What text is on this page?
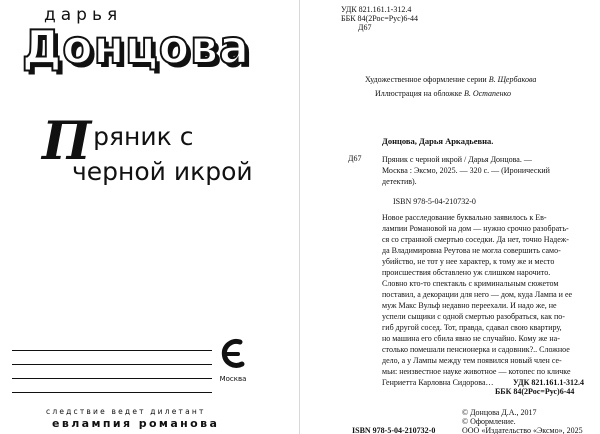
дарья
Донцова
Пряник с
черной икрой
Москва
следствие ведет дилетант
евлампия романова
УДК 821.161.1-312.4
ББК 84(2Рос=Рус)6-44
Д67
Художественное оформление серии В. Щербакова
Иллюстрация на обложке В. Остапенко
Донцова, Дарья Аркадьевна.
Д67	Пряник с черной икрой / Дарья Донцова. —
Москва : Эксмо, 2025. — 320 с. — (Иронический
детектив).
ISBN 978-5-04-210732-0
Новое расследование буквально заявилось к Ев-
лампии Романовой на дом — нужно срочно разобрать-
ся со странной смертью соседки. Да нет, точно Надеж-
да Владимировна Реутова не могла совершить само-
убийство, не тот у нее характер, к тому же и место
происшествия обставлено уж слишком нарочито.
Словно кто-то спектакль с криминальным сюжетом
поставил, а декорации для него — дом, куда Лампа и ее
муж Макс Вульф недавно переехали. И надо же, не
успели сыщики с одной смертью разобраться, как по-
гиб другой сосед. Тот, правда, сдавал свою квартиру,
но машина его сбила явно не случайно. Кому же на-
столько помешали пенсионерка и садовник?.. Сложное
дело, а у Лампы между тем появился новый член се-
мьи: неизвестное науке животное — котопес по кличке
Генриетта Карловна Сидорова…	УДК 821.161.1-312.4
ББК 84(2Рос=Рус)6-44
© Донцова Д.А., 2017
© Оформление.
ISBN 978-5-04-210732-0	ООО «Издательство «Эксмо», 2025
